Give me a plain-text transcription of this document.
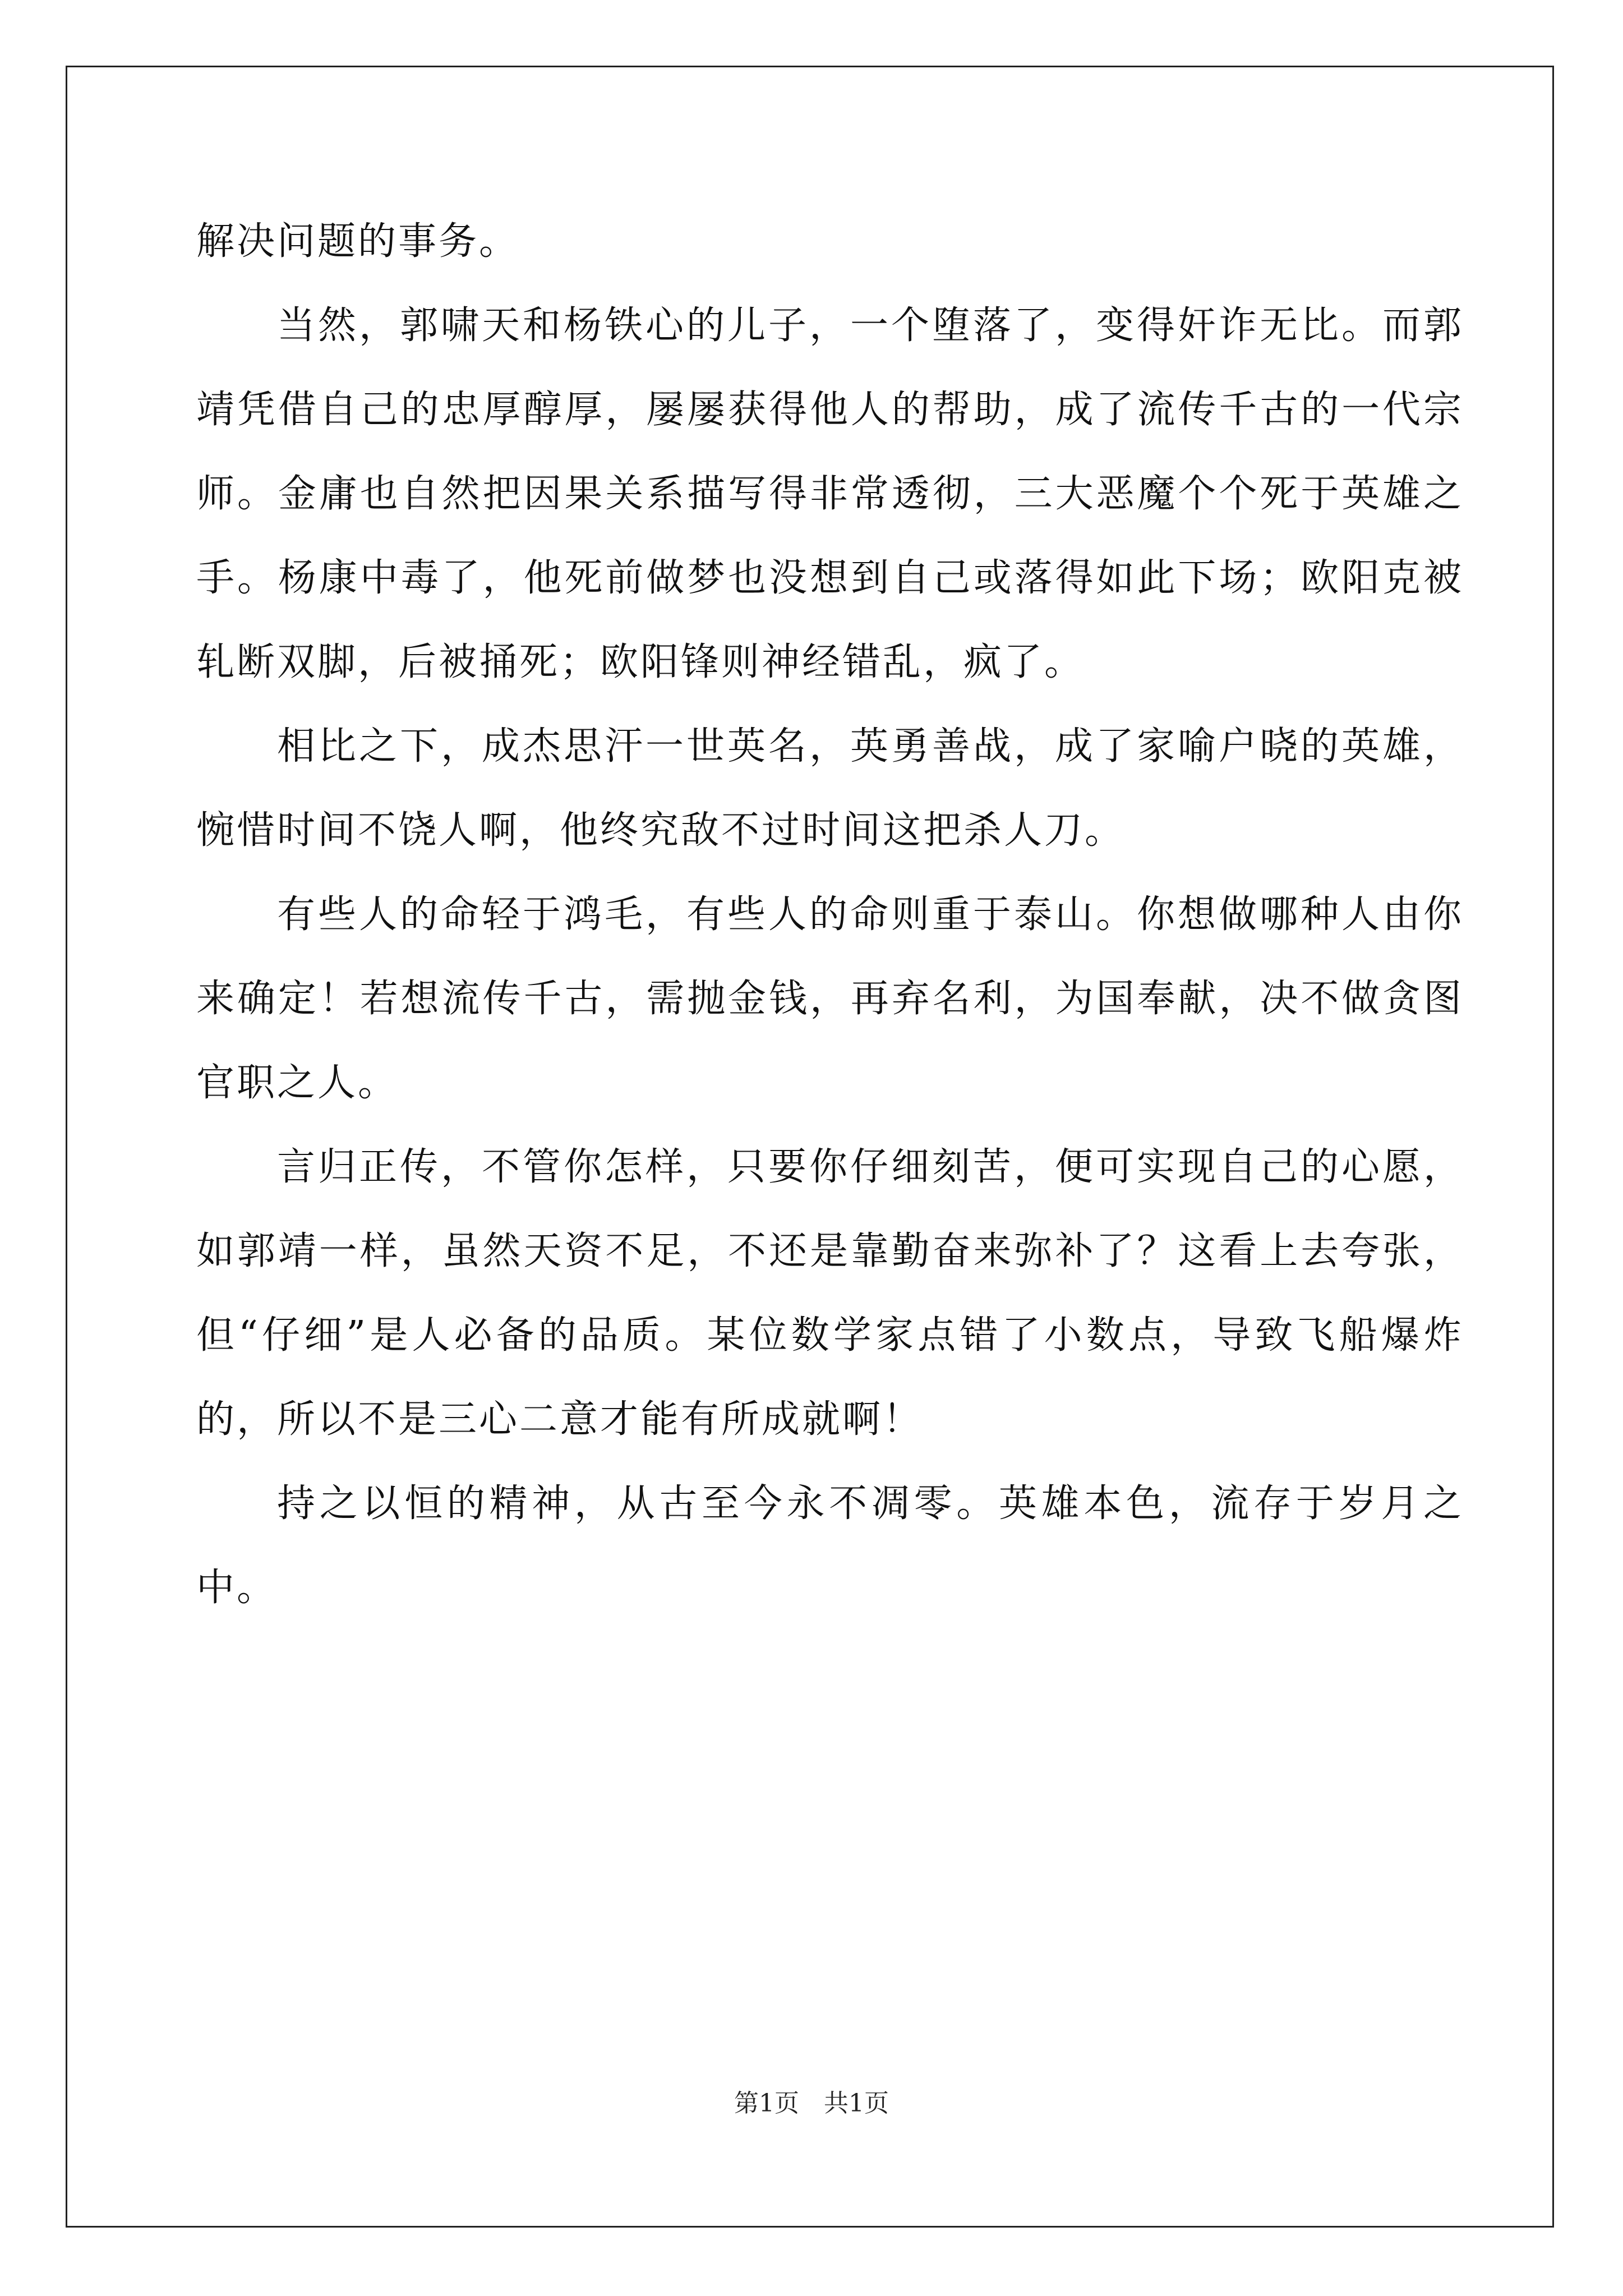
解决问题的事务。

当然，郭啸天和杨铁心的儿子，一个堕落了，变得奸诈无比。而郭靖凭借自己的忠厚醇厚，屡屡获得他人的帮助，成了流传千古的一代宗师。金庸也自然把因果关系描写得非常透彻，三大恶魔个个死于英雄之手。杨康中毒了，他死前做梦也没想到自己或落得如此下场；欧阳克被轧断双脚，后被捅死；欧阳锋则神经错乱，疯了。

相比之下，成杰思汗一世英名，英勇善战，成了家喻户晓的英雄，惋惜时间不饶人啊，他终究敌不过时间这把杀人刀。

有些人的命轻于鸿毛，有些人的命则重于泰山。你想做哪种人由你来确定！若想流传千古，需抛金钱，再弃名利，为国奉献，决不做贪图官职之人。

言归正传，不管你怎样，只要你仔细刻苦，便可实现自己的心愿，如郭靖一样，虽然天资不足，不还是靠勤奋来弥补了？这看上去夸张，但“仔细”是人必备的品质。某位数学家点错了小数点，导致飞船爆炸的，所以不是三心二意才能有所成就啊！

持之以恒的精神，从古至今永不凋零。英雄本色，流存于岁月之中。

第1页　共1页
